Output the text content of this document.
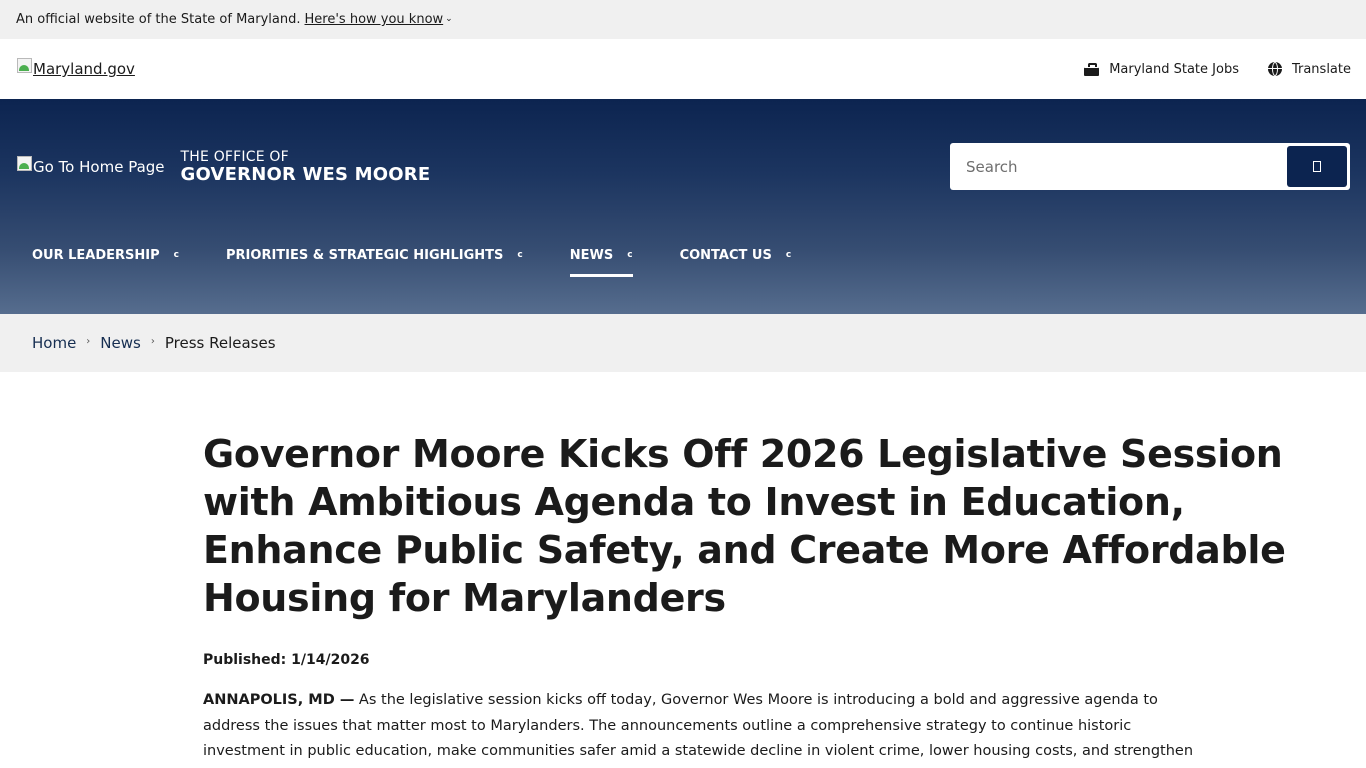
An official website of the State of Maryland. Here's how you know ⌄
Maryland.gov	Maryland State Jobs	Translate
Go To Home Page
THE OFFICE OF
GOVERNOR WES MOORE
Search
OUR LEADERSHIP c	PRIORITIES & STRATEGIC HIGHLIGHTS c	NEWS c	CONTACT US c
Home › News › Press Releases
Governor Moore Kicks Off 2026 Legislative Session
with Ambitious Agenda to Invest in Education,
Enhance Public Safety, and Create More Affordable
Housing for Marylanders
Published: 1/14/2026

ANNAPOLIS, MD — As the legislative session kicks off today, Governor Wes Moore is introducing a bold and aggressive agenda to
address the issues that matter most to Marylanders. The announcements outline a comprehensive strategy to continue historic
investment in public education, make communities safer amid a statewide decline in violent crime, lower housing costs, and strengthen
